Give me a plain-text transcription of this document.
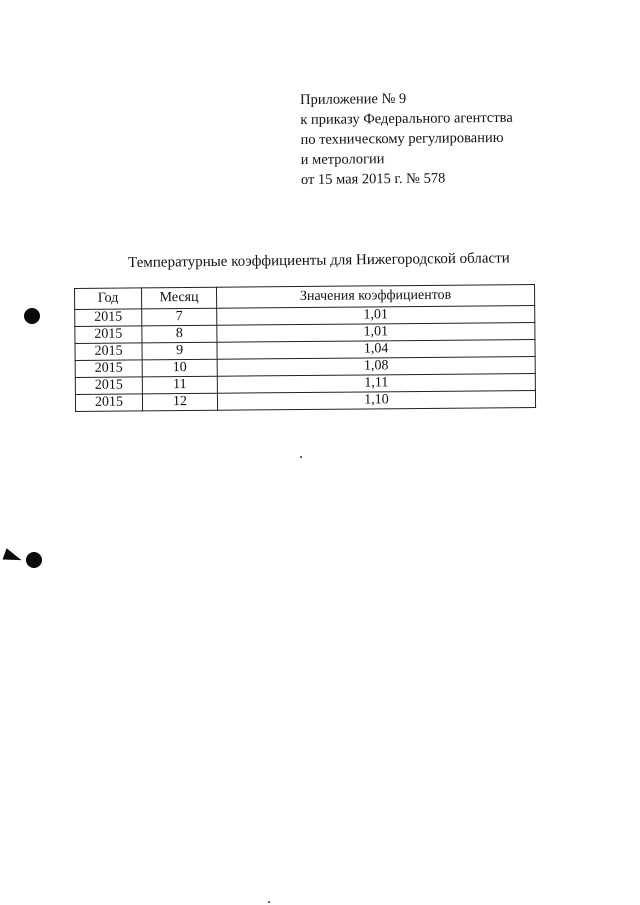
Приложение № 9
к приказу Федерального агентства
по техническому регулированию
и метрологии
от 15 мая 2015 г. № 578
Температурные коэффициенты для Нижегородской области
Год	Месяц	Значения коэффициентов
2015	7	1,01
2015	8	1,01
2015	9	1,04
2015	10	1,08
2015	11	1,11
2015	12	1,10
